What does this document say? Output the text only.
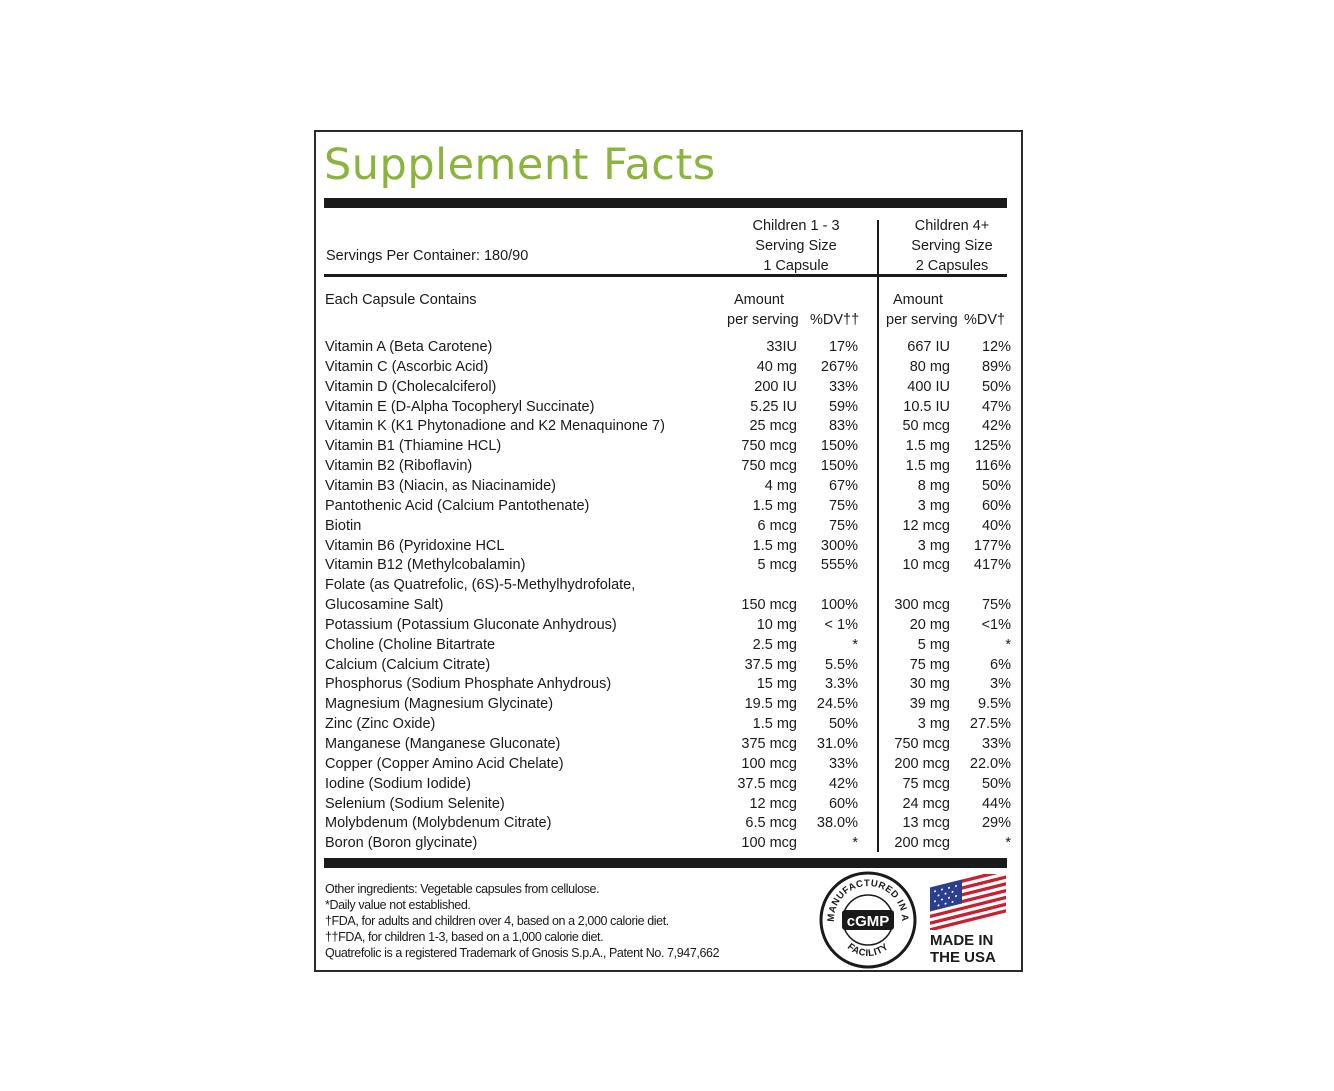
Supplement Facts
Servings Per Container: 180/90
Children 1 - 3
Serving Size
1 Capsule
Children 4+
Serving Size
2 Capsules
Each Capsule Contains	Amount
per serving %DV††
Amount
per serving %DV†
Vitamin A (Beta Carotene)	33IU	17%	667 IU	12%
Vitamin C (Ascorbic Acid)	40 mg	267%	80 mg	89%
Vitamin D (Cholecalciferol)	200 IU	33%	400 IU	50%
Vitamin E (D-Alpha Tocopheryl Succinate)	5.25 IU	59%	10.5 IU	47%
Vitamin K (K1 Phytonadione and K2 Menaquinone 7)	25 mcg	83%	50 mcg	42%
Vitamin B1 (Thiamine HCL)	750 mcg	150%	1.5 mg	125%
Vitamin B2 (Riboflavin)	750 mcg	150%	1.5 mg	116%
Vitamin B3 (Niacin, as Niacinamide)	4 mg	67%	8 mg	50%
Pantothenic Acid (Calcium Pantothenate)	1.5 mg	75%	3 mg	60%
Biotin	6 mcg	75%	12 mcg	40%
Vitamin B6 (Pyridoxine HCL	1.5 mg	300%	3 mg	177%
Vitamin B12 (Methylcobalamin)	5 mcg	555%	10 mcg	417%
Folate (as Quatrefolic, (6S)-5-Methylhydrofolate,
Glucosamine Salt)	150 mcg	100%	300 mcg	75%
Potassium (Potassium Gluconate Anhydrous)	10 mg	< 1%	20 mg	<1%
Choline (Choline Bitartrate	2.5 mg	*	5 mg	*
Calcium (Calcium Citrate)	37.5 mg	5.5%	75 mg	6%
Phosphorus (Sodium Phosphate Anhydrous)	15 mg	3.3%	30 mg	3%
Magnesium (Magnesium Glycinate)	19.5 mg	24.5%	39 mg	9.5%
Zinc (Zinc Oxide)	1.5 mg	50%	3 mg	27.5%
Manganese (Manganese Gluconate)	375 mcg	31.0%	750 mcg	33%
Copper (Copper Amino Acid Chelate)	100 mcg	33%	200 mcg	22.0%
Iodine (Sodium Iodide)	37.5 mcg	42%	75 mcg	50%
Selenium (Sodium Selenite)	12 mcg	60%	24 mcg	44%
Molybdenum (Molybdenum Citrate)	6.5 mcg	38.0%	13 mcg	29%
Boron (Boron glycinate)	100 mcg	*	200 mcg	*
Other ingredients: Vegetable capsules from cellulose.
*Daily value not established.
†FDA, for adults and children over 4, based on a 2,000 calorie diet.
††FDA, for children 1-3, based on a 1,000 calorie diet.
Quatrefolic is a registered Trademark of Gnosis S.p.A., Patent No. 7,947,662
MANUFACTURED IN A
FACILITY
cGMP
MADE IN
THE USA
